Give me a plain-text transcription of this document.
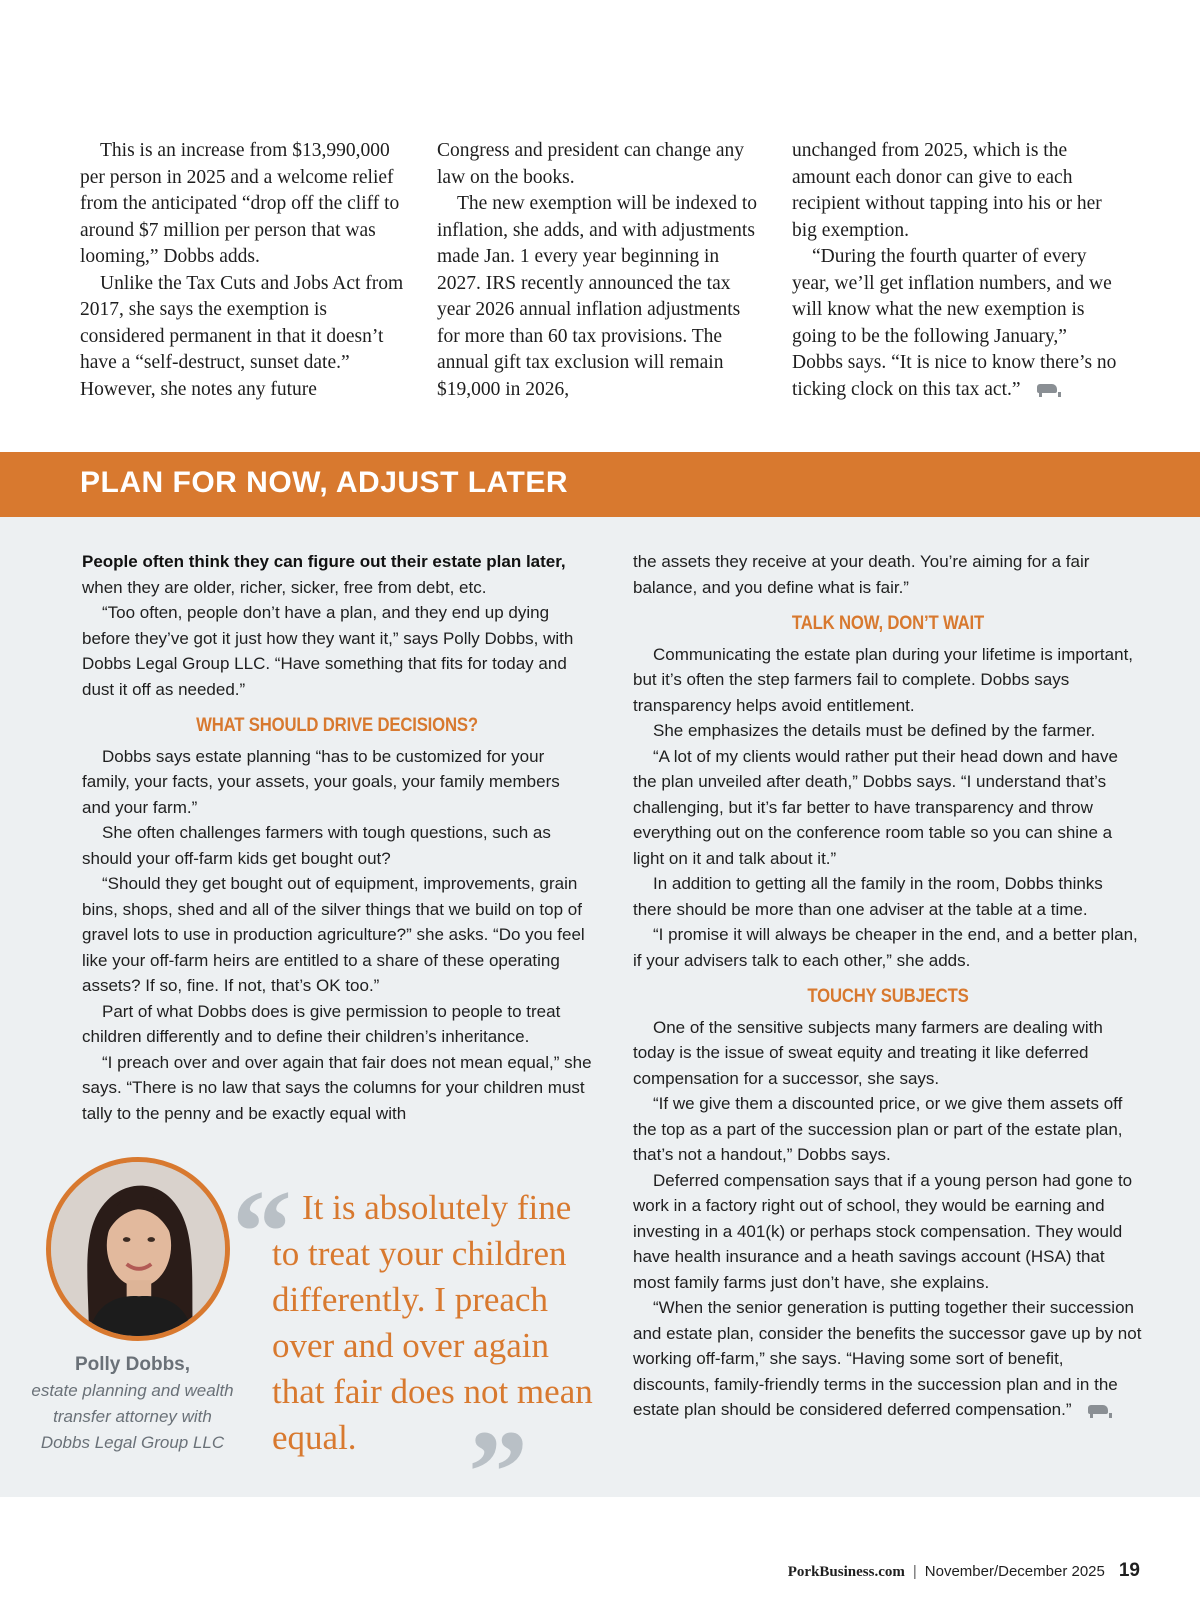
This is an increase from $13,990,000 per person in 2025 and a welcome relief from the anticipated “drop off the cliff to around $7 million per person that was looming,” Dobbs adds.

Unlike the Tax Cuts and Jobs Act from 2017, she says the exemption is considered permanent in that it doesn’t have a “self-destruct, sunset date.” However, she notes any future

Congress and president can change any law on the books.

The new exemption will be indexed to inflation, she adds, and with adjustments made Jan. 1 every year beginning in 2027. IRS recently announced the tax year 2026 annual inflation adjustments for more than 60 tax provisions. The annual gift tax exclusion will remain $19,000 in 2026,

unchanged from 2025, which is the amount each donor can give to each recipient without tapping into his or her big exemption.

“During the fourth quarter of every year, we’ll get inflation numbers, and we will know what the new exemption is going to be the following January,” Dobbs says. “It is nice to know there’s no ticking clock on this tax act.”

PLAN FOR NOW, ADJUST LATER

People often think they can figure out their estate plan later, when they are older, richer, sicker, free from debt, etc.

“Too often, people don’t have a plan, and they end up dying before they’ve got it just how they want it,” says Polly Dobbs, with Dobbs Legal Group LLC. “Have something that fits for today and dust it off as needed.”

WHAT SHOULD DRIVE DECISIONS?

Dobbs says estate planning “has to be customized for your family, your facts, your assets, your goals, your family members and your farm.”

She often challenges farmers with tough questions, such as should your off-farm kids get bought out?

“Should they get bought out of equipment, improvements, grain bins, shops, shed and all of the silver things that we build on top of gravel lots to use in production agriculture?” she asks. “Do you feel like your off-farm heirs are entitled to a share of these operating assets? If so, fine. If not, that’s OK too.”

Part of what Dobbs does is give permission to people to treat children differently and to define their children’s inheritance.

“I preach over and over again that fair does not mean equal,” she says. “There is no law that says the columns for your children must tally to the penny and be exactly equal with

the assets they receive at your death. You’re aiming for a fair balance, and you define what is fair.”

TALK NOW, DON’T WAIT

Communicating the estate plan during your lifetime is important, but it’s often the step farmers fail to complete. Dobbs says transparency helps avoid entitlement.

She emphasizes the details must be defined by the farmer.

“A lot of my clients would rather put their head down and have the plan unveiled after death,” Dobbs says. “I understand that’s challenging, but it’s far better to have transparency and throw everything out on the conference room table so you can shine a light on it and talk about it.”

In addition to getting all the family in the room, Dobbs thinks there should be more than one adviser at the table at a time.

“I promise it will always be cheaper in the end, and a better plan, if your advisers talk to each other,” she adds.

TOUCHY SUBJECTS

One of the sensitive subjects many farmers are dealing with today is the issue of sweat equity and treating it like deferred compensation for a successor, she says.

“If we give them a discounted price, or we give them assets off the top as a part of the succession plan or part of the estate plan, that’s not a handout,” Dobbs says.

Deferred compensation says that if a young person had gone to work in a factory right out of school, they would be earning and investing in a 401(k) or perhaps stock compensation. They would have health insurance and a heath savings account (HSA) that most family farms just don’t have, she explains.

“When the senior generation is putting together their succession and estate plan, consider the benefits the successor gave up by not working off-farm,” she says. “Having some sort of benefit, discounts, family-friendly terms in the succession plan and in the estate plan should be considered deferred compensation.”

Polly Dobbs,
estate planning and wealth
transfer attorney with
Dobbs Legal Group LLC
“ It is absolutely fine
to treat your children differently. I preach over and over again that fair does not mean equal. ”
PorkBusiness.com | November/December 2025 19
